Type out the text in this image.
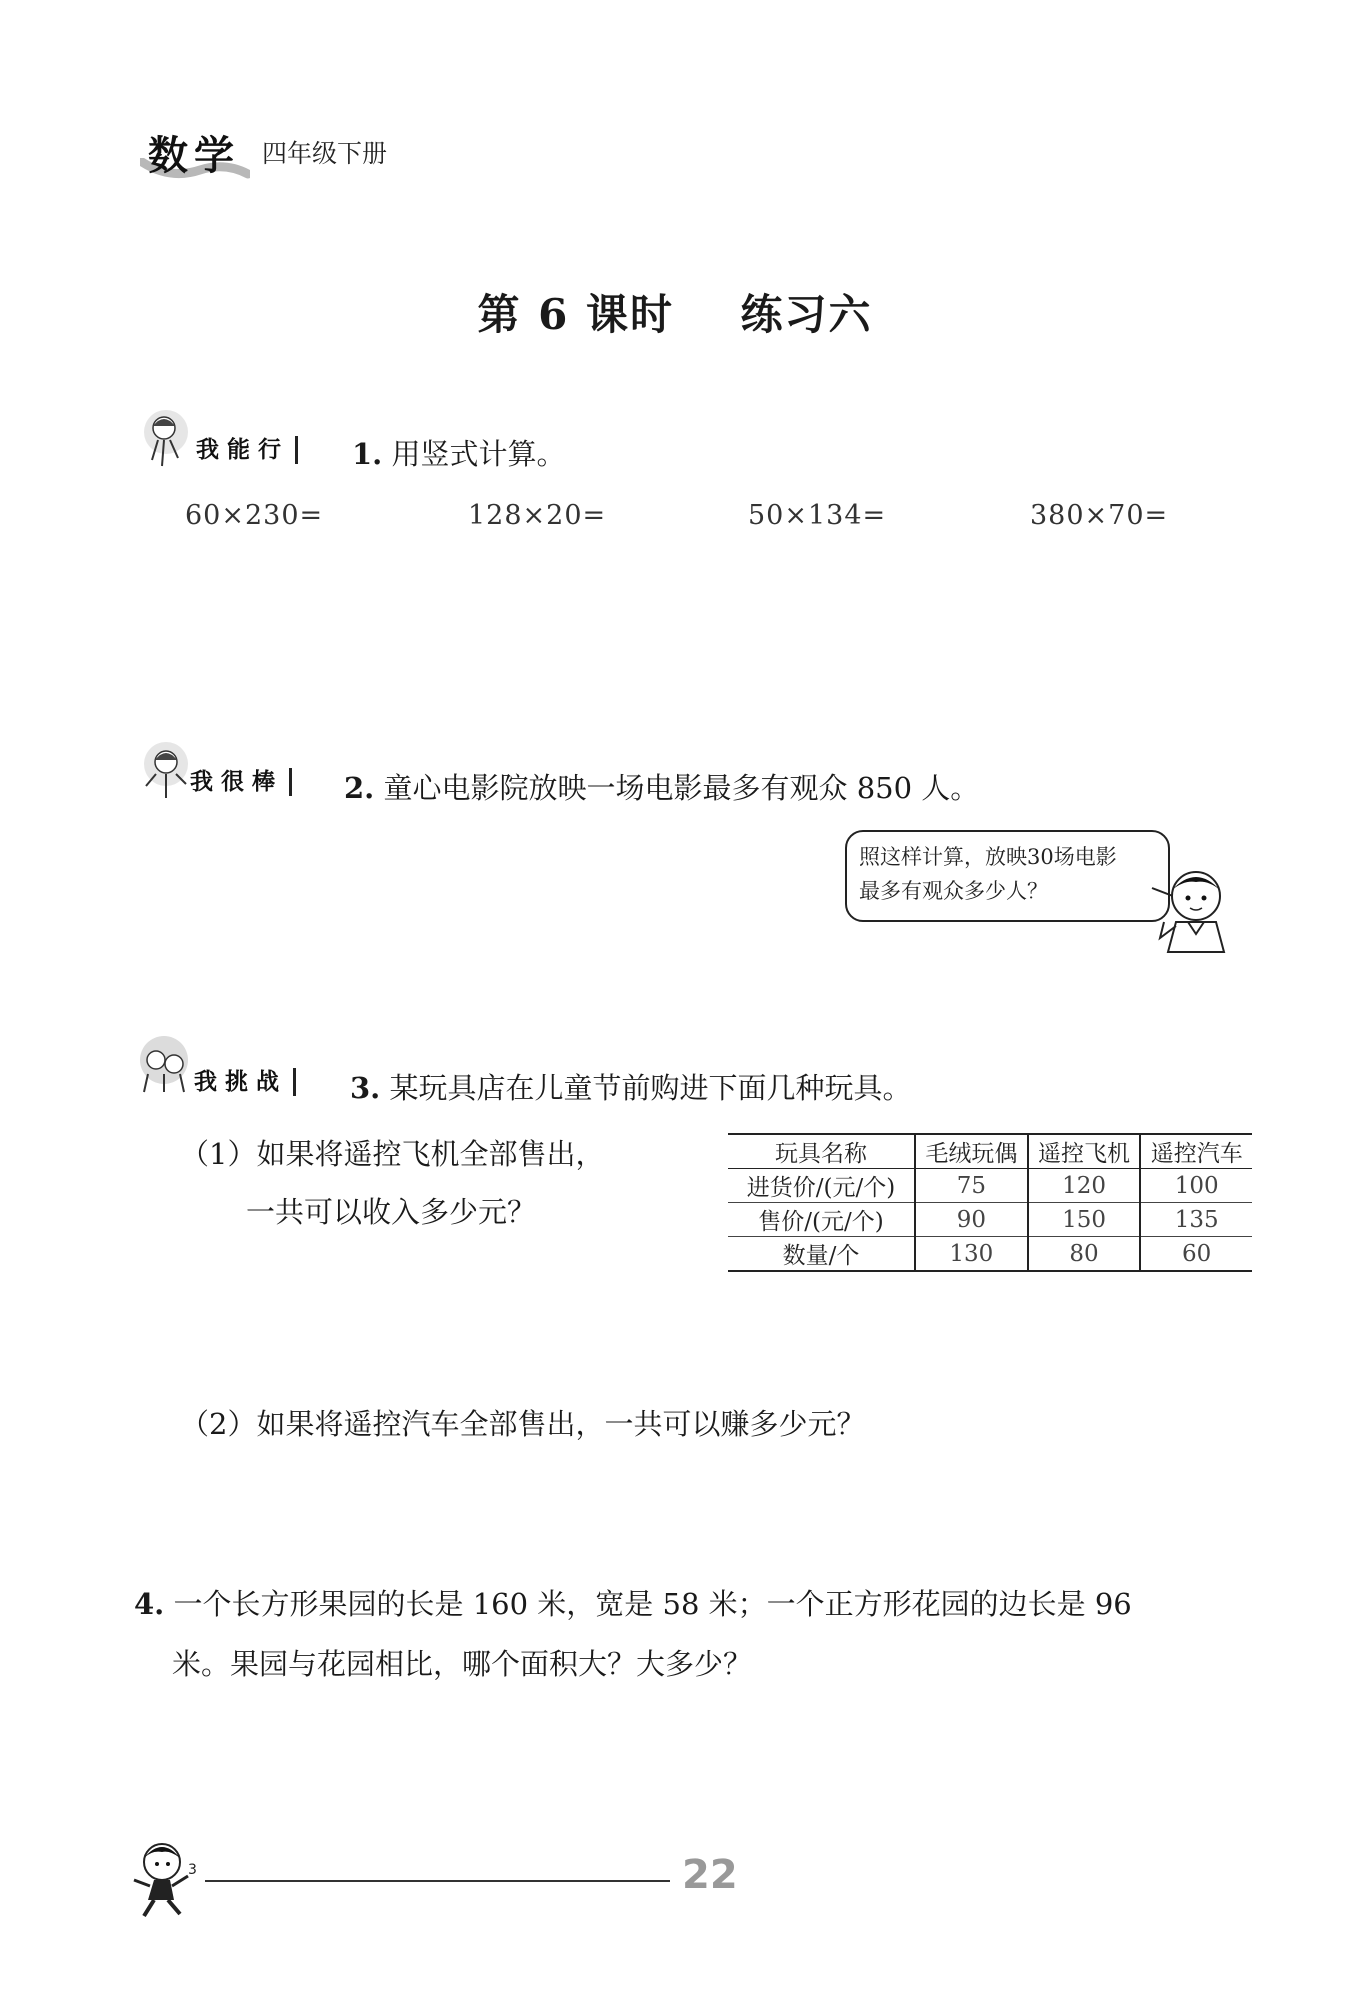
数学 四年级下册
第 6 课时 练习六
我能行	1. 用竖式计算。
60×230=	128×20=	50×134=	380×70=
我很棒	2. 童心电影院放映一场电影最多有观众 850 人。
照这样计算，放映30场电影
最多有观众多少人？
我挑战	3. 某玩具店在儿童节前购进下面几种玩具。
（1）如果将遥控飞机全部售出，
一共可以收入多少元？
玩具名称	毛绒玩偶	遥控飞机	遥控汽车
进货价/(元/个)	75	120	100
售价/(元/个)	90	150	135
数量/个	130	80	60
（2）如果将遥控汽车全部售出，一共可以赚多少元？
4. 一个长方形果园的长是 160 米，宽是 58 米；一个正方形花园的边长是 96
米。果园与花园相比，哪个面积大？大多少？
3	22
